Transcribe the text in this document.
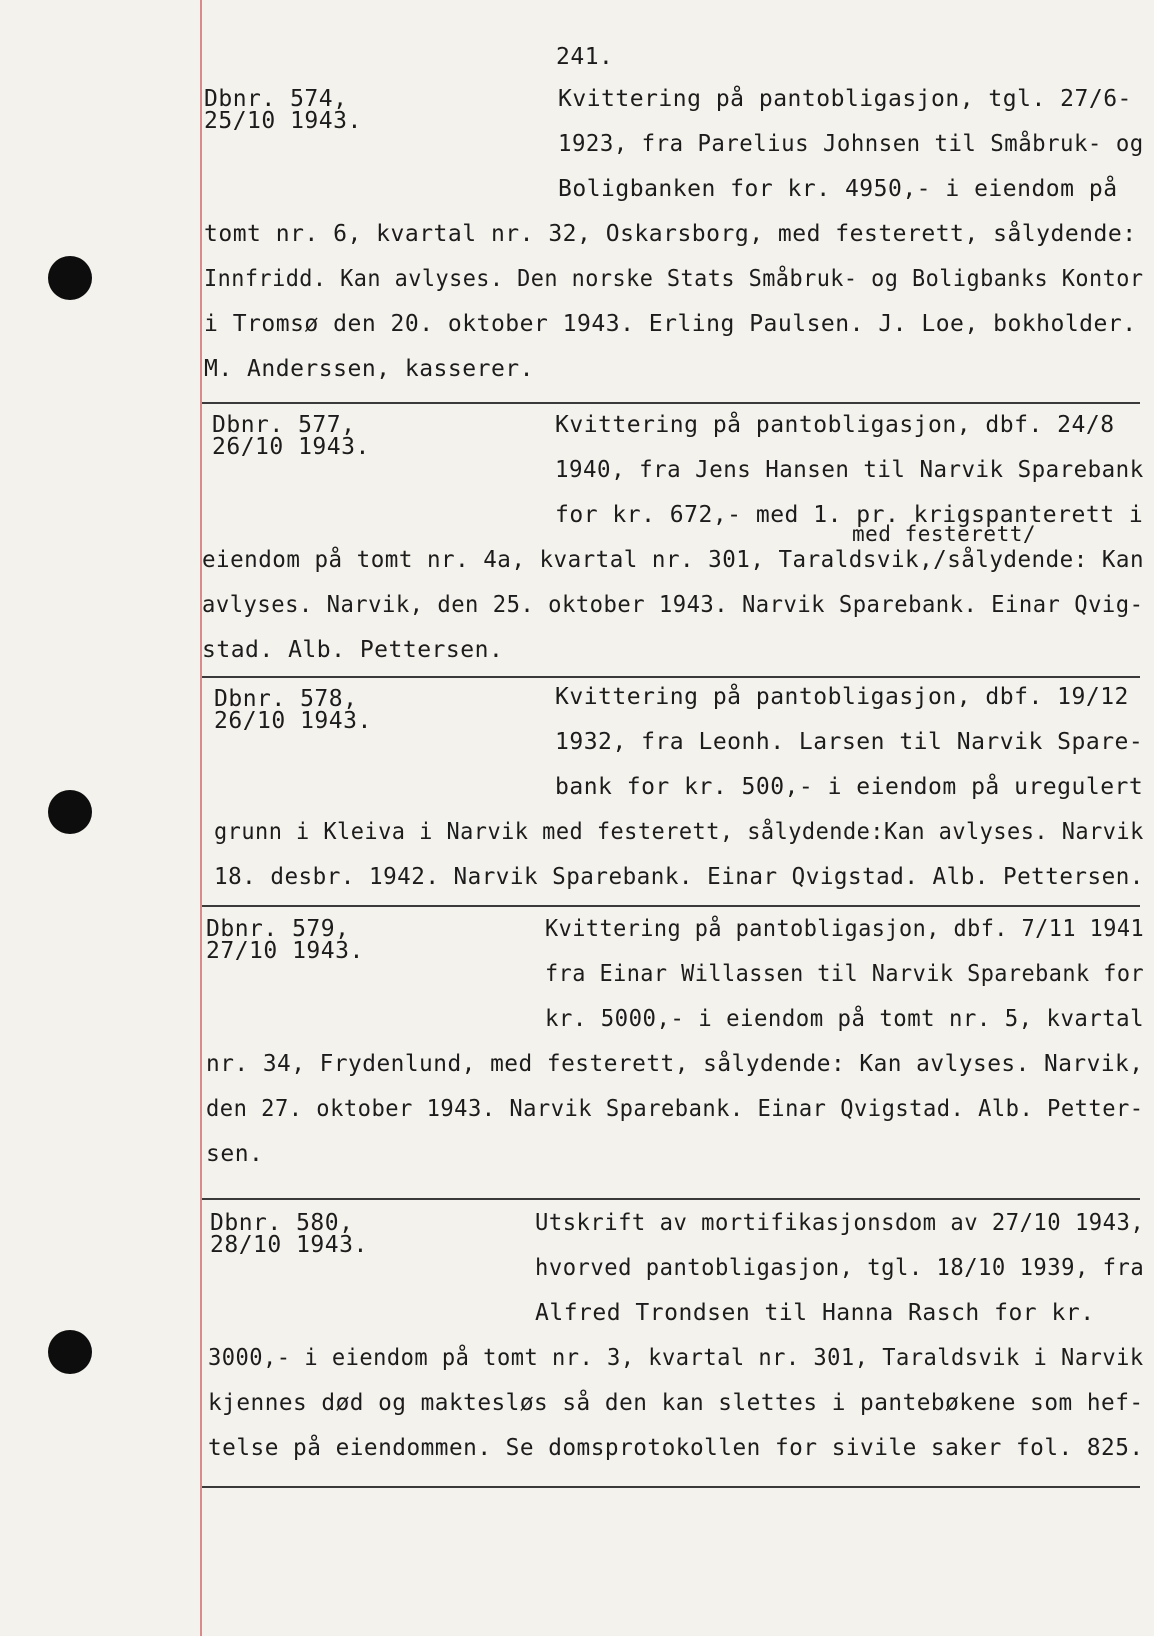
241.
Dbnr. 574,
25/10 1943.
Kvittering på pantobligasjon, tgl. 27/6-
1923, fra Parelius Johnsen til Småbruk- og
Boligbanken for kr. 4950,- i eiendom på
tomt nr. 6, kvartal nr. 32, Oskarsborg, med festerett, sålydende:
Innfridd. Kan avlyses. Den norske Stats Småbruk- og Boligbanks Kontor
i Tromsø den 20. oktober 1943. Erling Paulsen. J. Loe, bokholder.
M. Anderssen, kasserer.
Dbnr. 577,
26/10 1943.
Kvittering på pantobligasjon, dbf. 24/8
1940, fra Jens Hansen til Narvik Sparebank
for kr. 672,- med 1. pr. krigspanterett i
med festerett/
eiendom på tomt nr. 4a, kvartal nr. 301, Taraldsvik,/sålydende: Kan
avlyses. Narvik, den 25. oktober 1943. Narvik Sparebank. Einar Qvig-
stad. Alb. Pettersen.
Dbnr. 578,
26/10 1943.
Kvittering på pantobligasjon, dbf. 19/12
1932, fra Leonh. Larsen til Narvik Spare-
bank for kr. 500,- i eiendom på uregulert
grunn i Kleiva i Narvik med festerett, sålydende:Kan avlyses. Narvik
18. desbr. 1942. Narvik Sparebank. Einar Qvigstad. Alb. Pettersen.
Dbnr. 579,
27/10 1943.
Kvittering på pantobligasjon, dbf. 7/11 1941
fra Einar Willassen til Narvik Sparebank for
kr. 5000,- i eiendom på tomt nr. 5, kvartal
nr. 34, Frydenlund, med festerett, sålydende: Kan avlyses. Narvik,
den 27. oktober 1943. Narvik Sparebank. Einar Qvigstad. Alb. Petter-
sen.
Dbnr. 580,
28/10 1943.
Utskrift av mortifikasjonsdom av 27/10 1943,
hvorved pantobligasjon, tgl. 18/10 1939, fra
Alfred Trondsen til Hanna Rasch for kr.
3000,- i eiendom på tomt nr. 3, kvartal nr. 301, Taraldsvik i Narvik
kjennes død og maktesløs så den kan slettes i pantebøkene som hef-
telse på eiendommen. Se domsprotokollen for sivile saker fol. 825.
